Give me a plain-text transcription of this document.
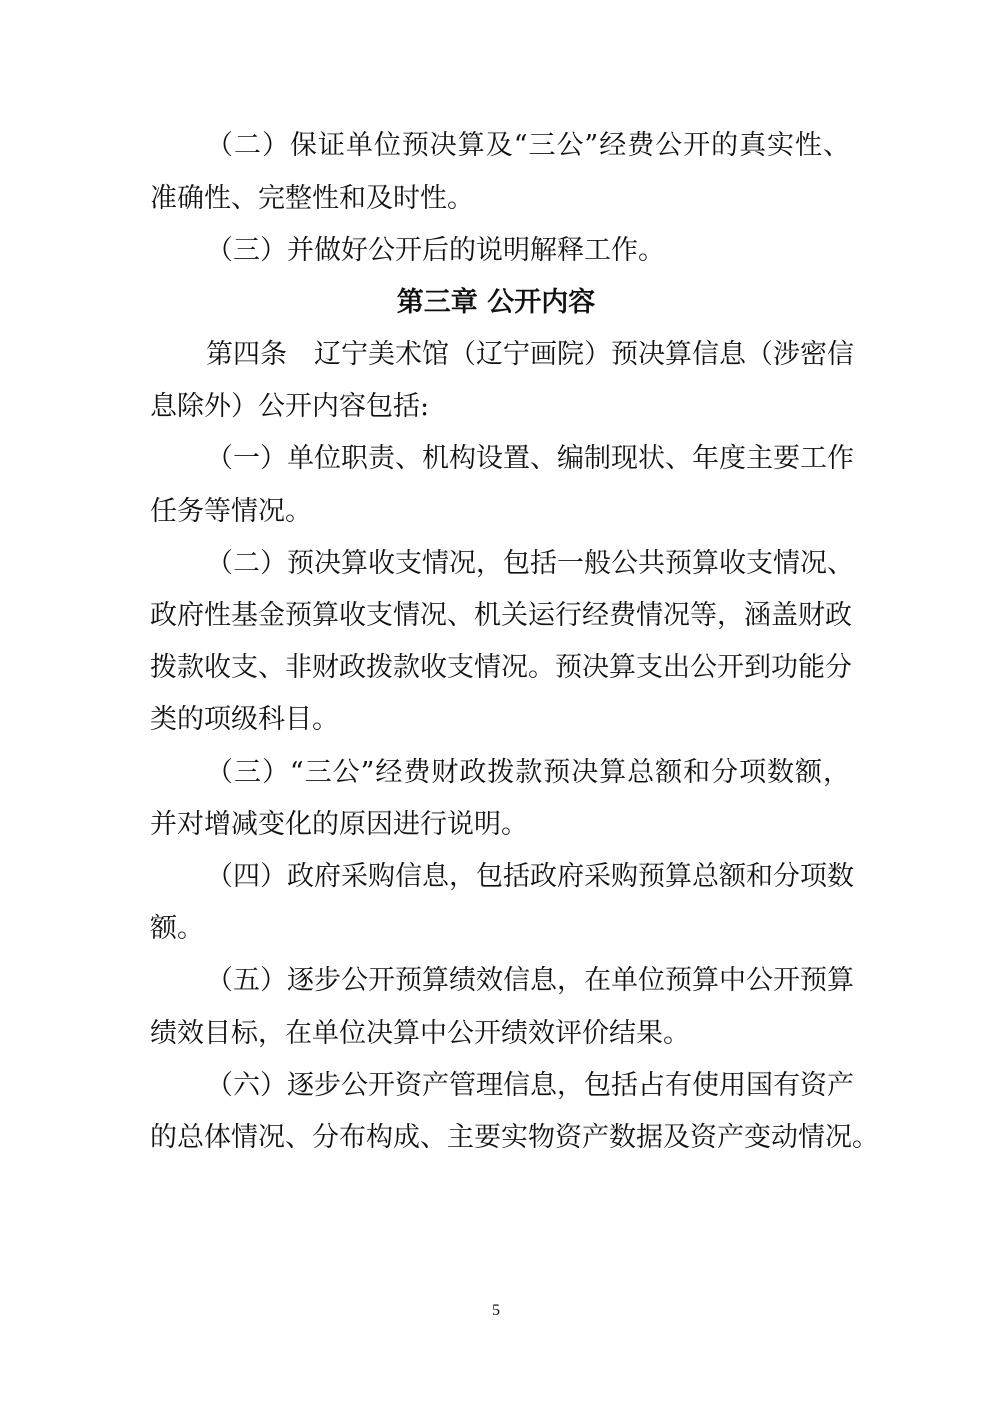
（二）保证单位预决算及“三公”经费公开的真实性、
准确性、完整性和及时性。
（三）并做好公开后的说明解释工作。
第三章 公开内容
第四条　辽宁美术馆（辽宁画院）预决算信息（涉密信
息除外）公开内容包括:
（一）单位职责、机构设置、编制现状、年度主要工作
任务等情况。
（二）预决算收支情况，包括一般公共预算收支情况、
政府性基金预算收支情况、机关运行经费情况等，涵盖财政
拨款收支、非财政拨款收支情况。预决算支出公开到功能分
类的项级科目。
（三）“三公”经费财政拨款预决算总额和分项数额，
并对增减变化的原因进行说明。
（四）政府采购信息，包括政府采购预算总额和分项数
额。
（五）逐步公开预算绩效信息，在单位预算中公开预算
绩效目标，在单位决算中公开绩效评价结果。
（六）逐步公开资产管理信息，包括占有使用国有资产
的总体情况、分布构成、主要实物资产数据及资产变动情况。
5
